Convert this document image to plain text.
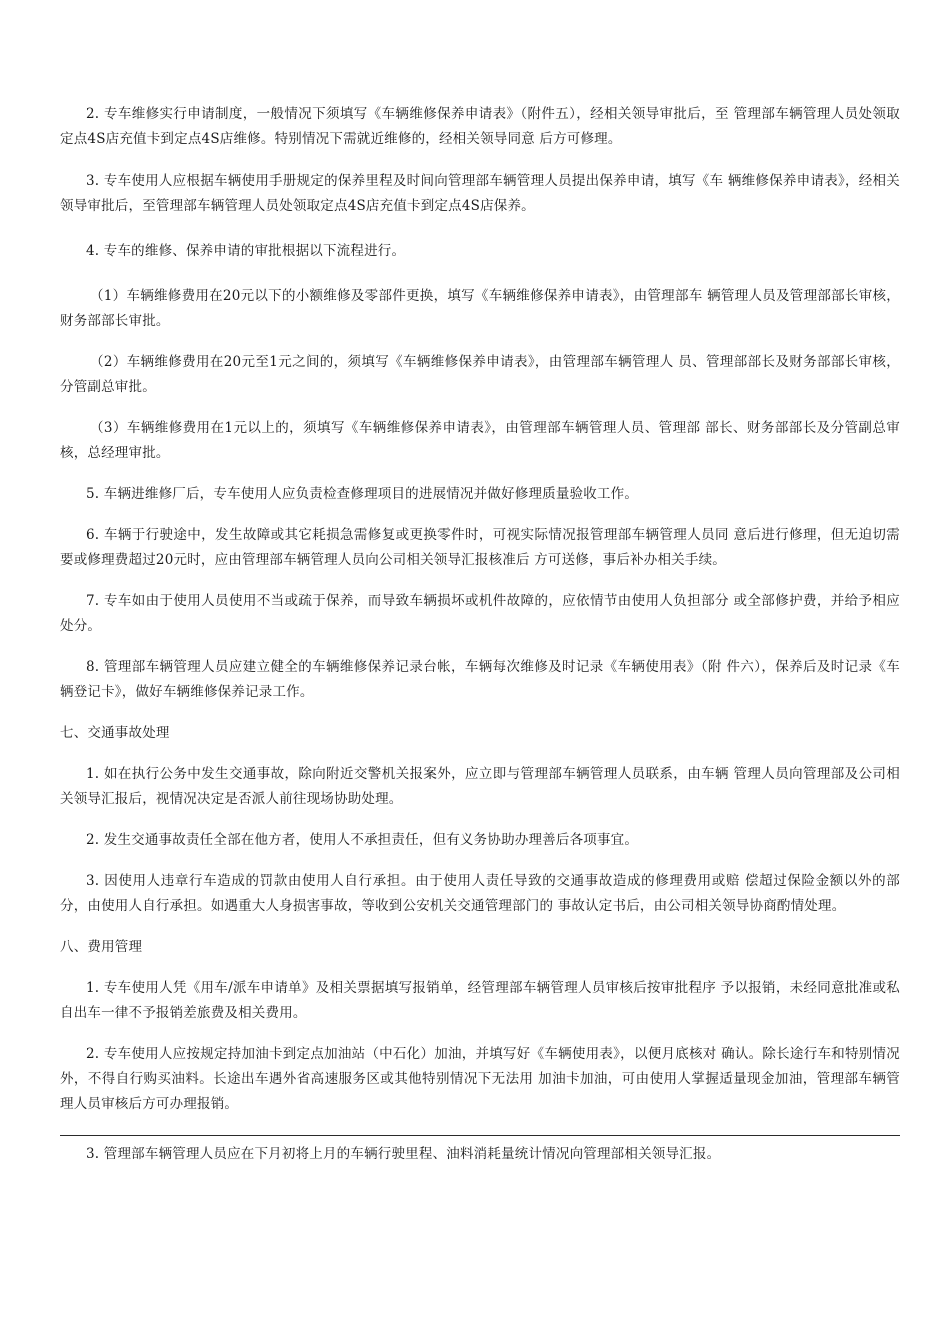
2. 专车维修实行申请制度，一般情况下须填写《车辆维修保养申请表》（附件五），经相关领导审批后，至 管理部车辆管理人员处领取定点4S店充值卡到定点4S店维修。特别情况下需就近维修的，经相关领导同意 后方可修理。

3. 专车使用人应根据车辆使用手册规定的保养里程及时间向管理部车辆管理人员提出保养申请，填写《车 辆维修保养申请表》，经相关领导审批后，至管理部车辆管理人员处领取定点4S店充值卡到定点4S店保养。

4. 专车的维修、保养申请的审批根据以下流程进行。

（1）车辆维修费用在20元以下的小额维修及零部件更换，填写《车辆维修保养申请表》，由管理部车 辆管理人员及管理部部长审核，财务部部长审批。

（2）车辆维修费用在20元至1元之间的，须填写《车辆维修保养申请表》，由管理部车辆管理人 员、管理部部长及财务部部长审核，分管副总审批。

（3）车辆维修费用在1元以上的，须填写《车辆维修保养申请表》，由管理部车辆管理人员、管理部 部长、财务部部长及分管副总审核，总经理审批。

5. 车辆进维修厂后，专车使用人应负责检查修理项目的进展情况并做好修理质量验收工作。

6. 车辆于行驶途中，发生故障或其它耗损急需修复或更换零件时，可视实际情况报管理部车辆管理人员同 意后进行修理，但无迫切需要或修理费超过20元时，应由管理部车辆管理人员向公司相关领导汇报核准后 方可送修，事后补办相关手续。

7. 专车如由于使用人员使用不当或疏于保养，而导致车辆损坏或机件故障的，应依情节由使用人负担部分 或全部修护费，并给予相应处分。

8. 管理部车辆管理人员应建立健全的车辆维修保养记录台帐，车辆每次维修及时记录《车辆使用表》（附 件六），保养后及时记录《车辆登记卡》，做好车辆维修保养记录工作。

七、交通事故处理

1. 如在执行公务中发生交通事故，除向附近交警机关报案外，应立即与管理部车辆管理人员联系，由车辆 管理人员向管理部及公司相关领导汇报后，视情况决定是否派人前往现场协助处理。

2. 发生交通事故责任全部在他方者，使用人不承担责任，但有义务协助办理善后各项事宜。

3. 因使用人违章行车造成的罚款由使用人自行承担。由于使用人责任导致的交通事故造成的修理费用或赔 偿超过保险金额以外的部分，由使用人自行承担。如遇重大人身损害事故，等收到公安机关交通管理部门的 事故认定书后，由公司相关领导协商酌情处理。

八、费用管理

1. 专车使用人凭《用车/派车申请单》及相关票据填写报销单，经管理部车辆管理人员审核后按审批程序 予以报销，未经同意批准或私自出车一律不予报销差旅费及相关费用。

2. 专车使用人应按规定持加油卡到定点加油站（中石化）加油，并填写好《车辆使用表》，以便月底核对 确认。除长途行车和特别情况外，不得自行购买油料。长途出车遇外省高速服务区或其他特别情况下无法用 加油卡加油，可由使用人掌握适量现金加油，管理部车辆管理人员审核后方可办理报销。

3. 管理部车辆管理人员应在下月初将上月的车辆行驶里程、油料消耗量统计情况向管理部相关领导汇报。
